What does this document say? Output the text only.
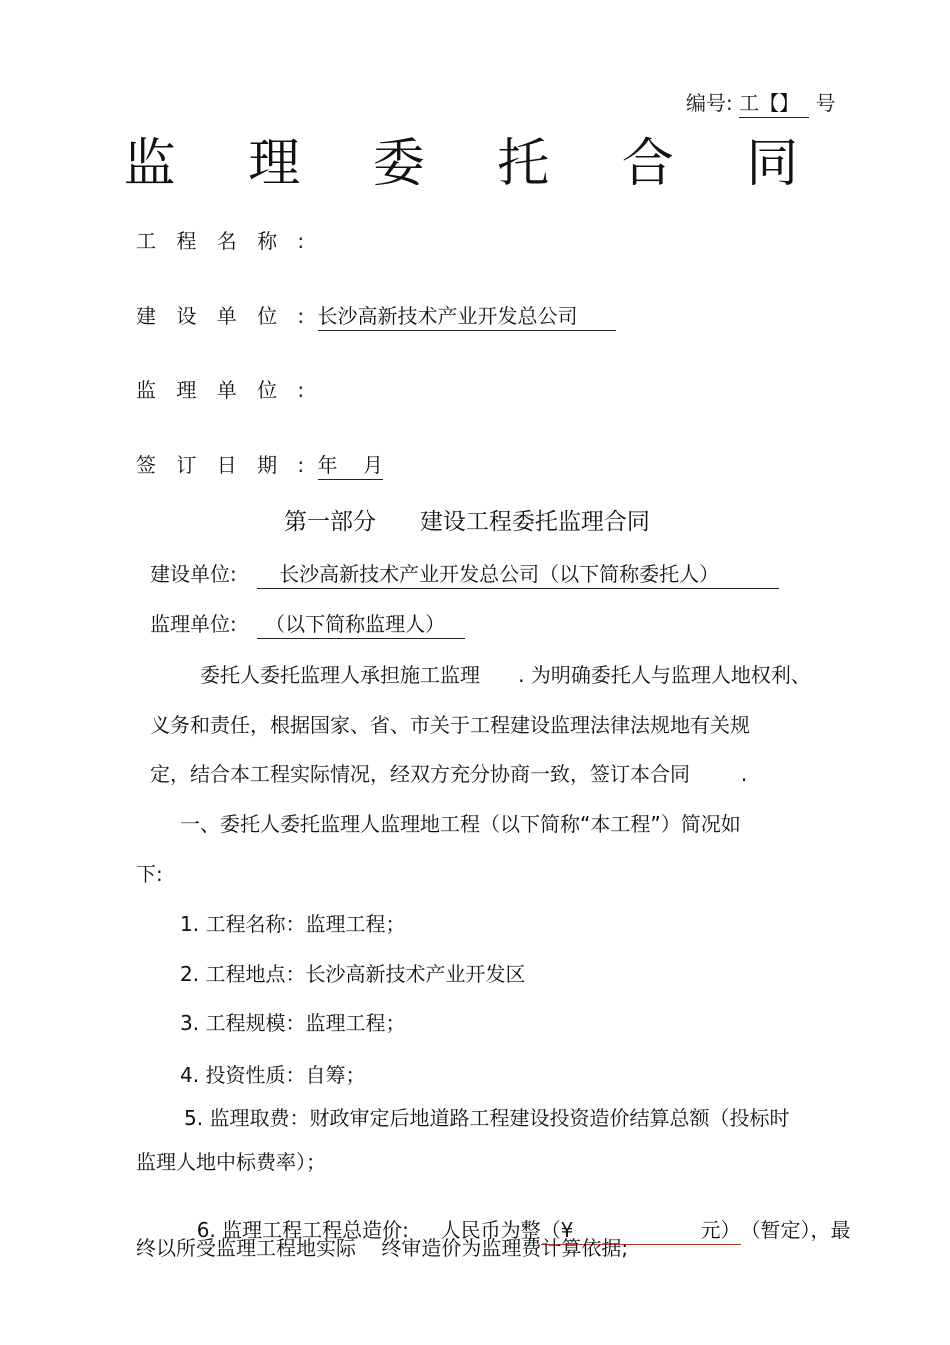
编号: 工【】 号
监 理 委 托 合 同
工 程 名 称 :
建 设 单 位 : 长沙高新技术产业开发总公司
监 理 单 位 :
签 订 日 期 : 年    月
第一部分      建设工程委托监理合同
建设单位: 长沙高新技术产业开发总公司（以下简称委托人）
监理单位: （以下简称监理人）
委托人委托监理人承担施工监理      . 为明确委托人与监理人地权利、
义务和责任，根据国家、省、市关于工程建设监理法律法规地有关规
定，结合本工程实际情况，经双方充分协商一致，签订本合同        .
一、委托人委托监理人监理地工程（以下简称“本工程”）简况如
下:
1. 工程名称：监理工程；
2. 工程地点：长沙高新技术产业开发区
3. 工程规模：监理工程；
4. 投资性质：自筹；
5. 监理取费：财政审定后地道路工程建设投资造价结算总额（投标时
监理人地中标费率）；

6. 监理工程工程总造价:     人民币为整（¥                    元）（暂定），最

终以所受监理工程地实际    终审造价为监理费计算依据;
